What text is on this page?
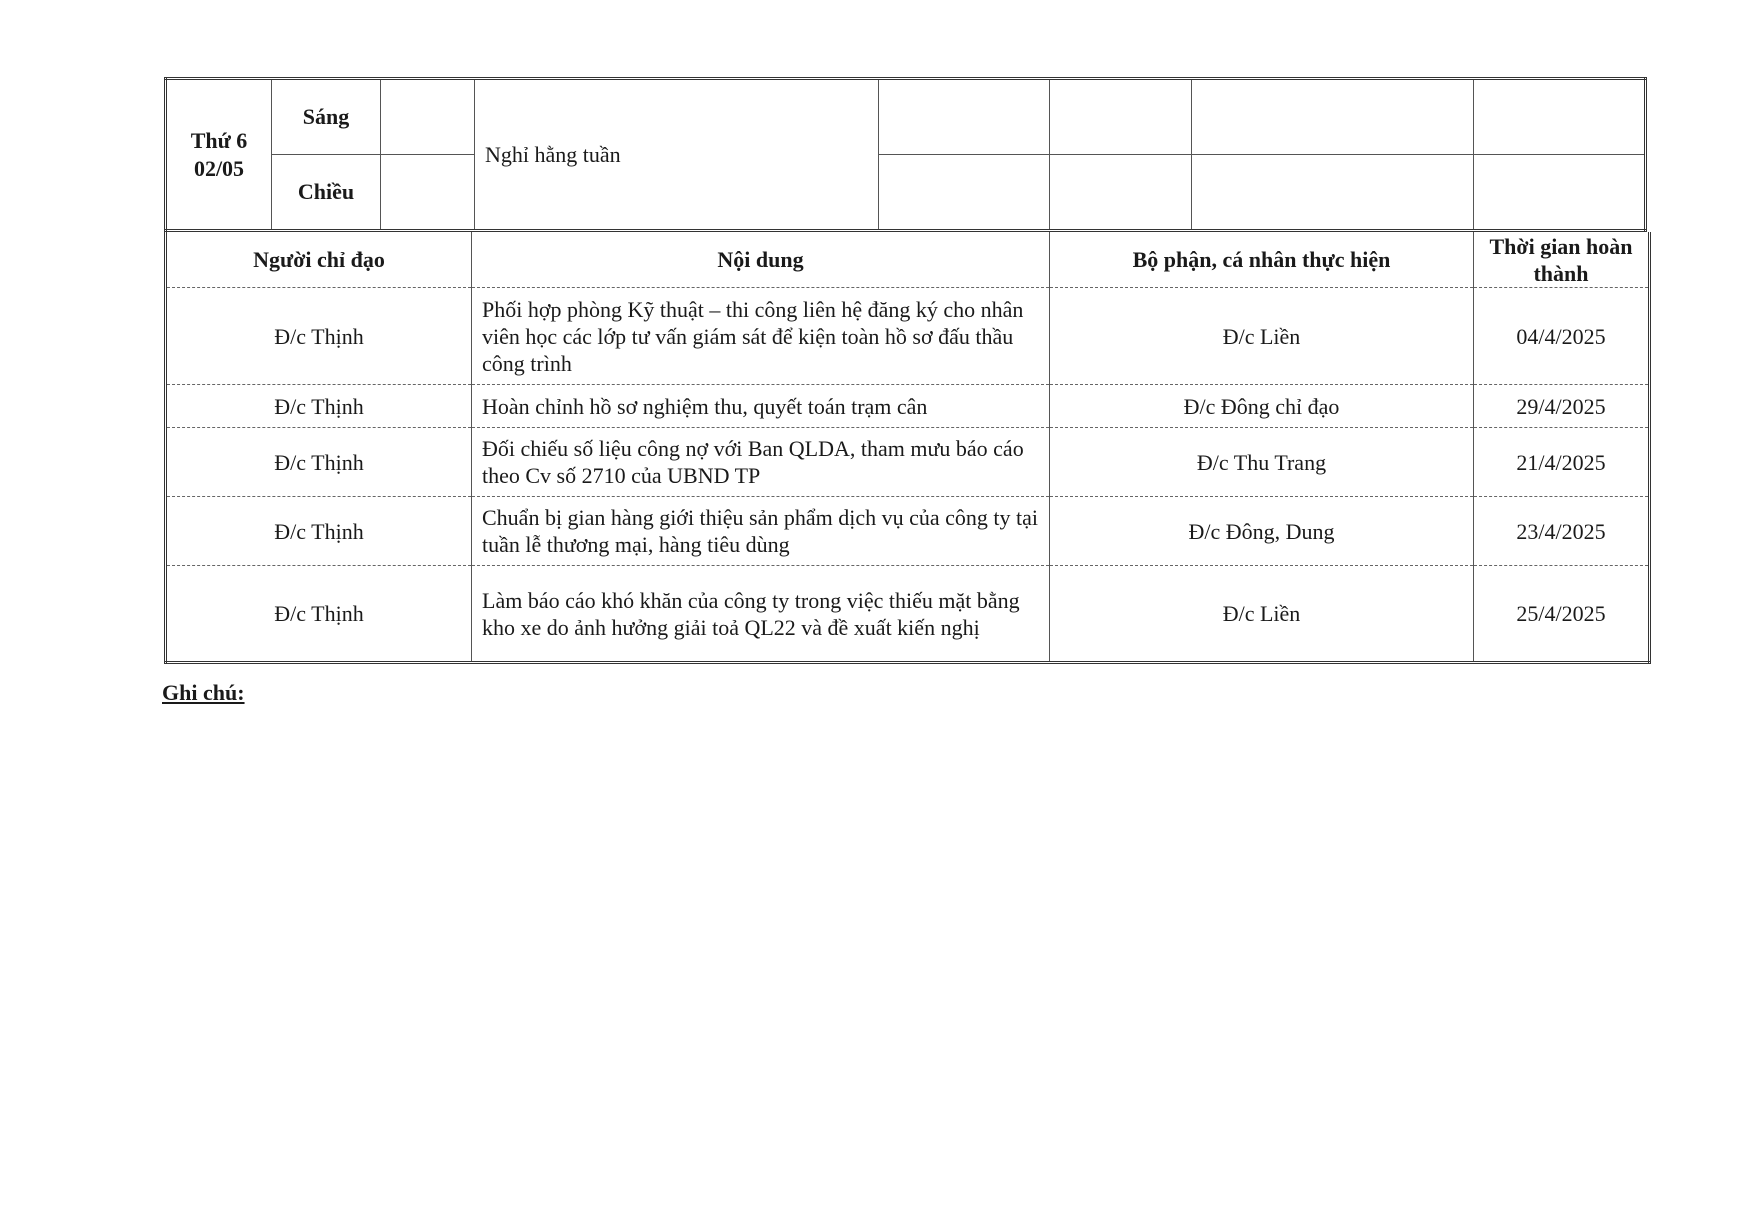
Thứ 6
02/05	Sáng		Nghỉ hằng tuần				
	Chiều						
Người chỉ đạo	Nội dung	Bộ phận, cá nhân thực hiện	Thời gian hoàn thành
Đ/c Thịnh	Phối hợp phòng Kỹ thuật – thi công liên hệ đăng ký cho nhân viên học các lớp tư vấn giám sát để kiện toàn hồ sơ đấu thầu công trình	Đ/c Liền	04/4/2025
Đ/c Thịnh	Hoàn chỉnh hồ sơ nghiệm thu, quyết toán trạm cân	Đ/c Đông chỉ đạo	29/4/2025
Đ/c Thịnh	Đối chiếu số liệu công nợ với Ban QLDA, tham mưu báo cáo theo Cv số 2710 của UBND TP	Đ/c Thu Trang	21/4/2025
Đ/c Thịnh	Chuẩn bị gian hàng giới thiệu sản phẩm dịch vụ của công ty tại tuần lễ thương mại, hàng tiêu dùng	Đ/c Đông, Dung	23/4/2025
Đ/c Thịnh	Làm báo cáo khó khăn của công ty trong việc thiếu mặt bằng kho xe do ảnh hưởng giải toả QL22 và đề xuất kiến nghị	Đ/c Liền	25/4/2025
Ghi chú:
